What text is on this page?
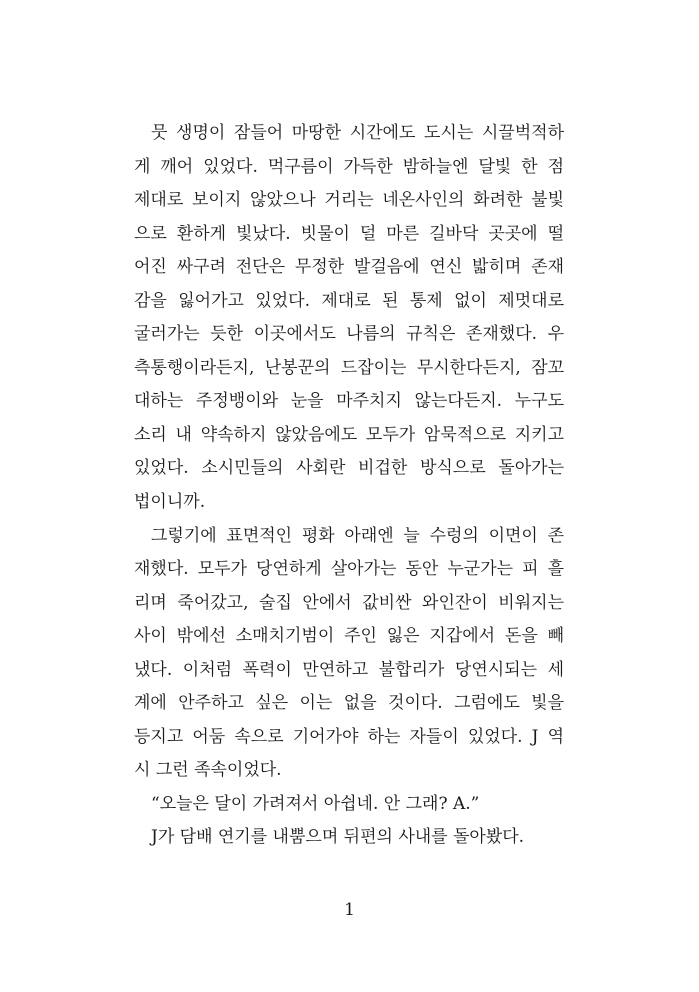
뭇 생명이 잠들어 마땅한 시간에도 도시는 시끌벅적하
게 깨어 있었다. 먹구름이 가득한 밤하늘엔 달빛 한 점
제대로 보이지 않았으나 거리는 네온사인의 화려한 불빛
으로 환하게 빛났다. 빗물이 덜 마른 길바닥 곳곳에 떨
어진 싸구려 전단은 무정한 발걸음에 연신 밟히며 존재
감을 잃어가고 있었다. 제대로 된 통제 없이 제멋대로
굴러가는 듯한 이곳에서도 나름의 규칙은 존재했다. 우
측통행이라든지, 난봉꾼의 드잡이는 무시한다든지, 잠꼬
대하는 주정뱅이와 눈을 마주치지 않는다든지. 누구도
소리 내 약속하지 않았음에도 모두가 암묵적으로 지키고
있었다. 소시민들의 사회란 비겁한 방식으로 돌아가는
법이니까.
그렇기에 표면적인 평화 아래엔 늘 수렁의 이면이 존
재했다. 모두가 당연하게 살아가는 동안 누군가는 피 흘
리며 죽어갔고, 술집 안에서 값비싼 와인잔이 비워지는
사이 밖에선 소매치기범이 주인 잃은 지갑에서 돈을 빼
냈다. 이처럼 폭력이 만연하고 불합리가 당연시되는 세
계에 안주하고 싶은 이는 없을 것이다. 그럼에도 빛을
등지고 어둠 속으로 기어가야 하는 자들이 있었다. J 역
시 그런 족속이었다.
“오늘은 달이 가려져서 아쉽네. 안 그래? A.”
J가 담배 연기를 내뿜으며 뒤편의 사내를 돌아봤다.
1
